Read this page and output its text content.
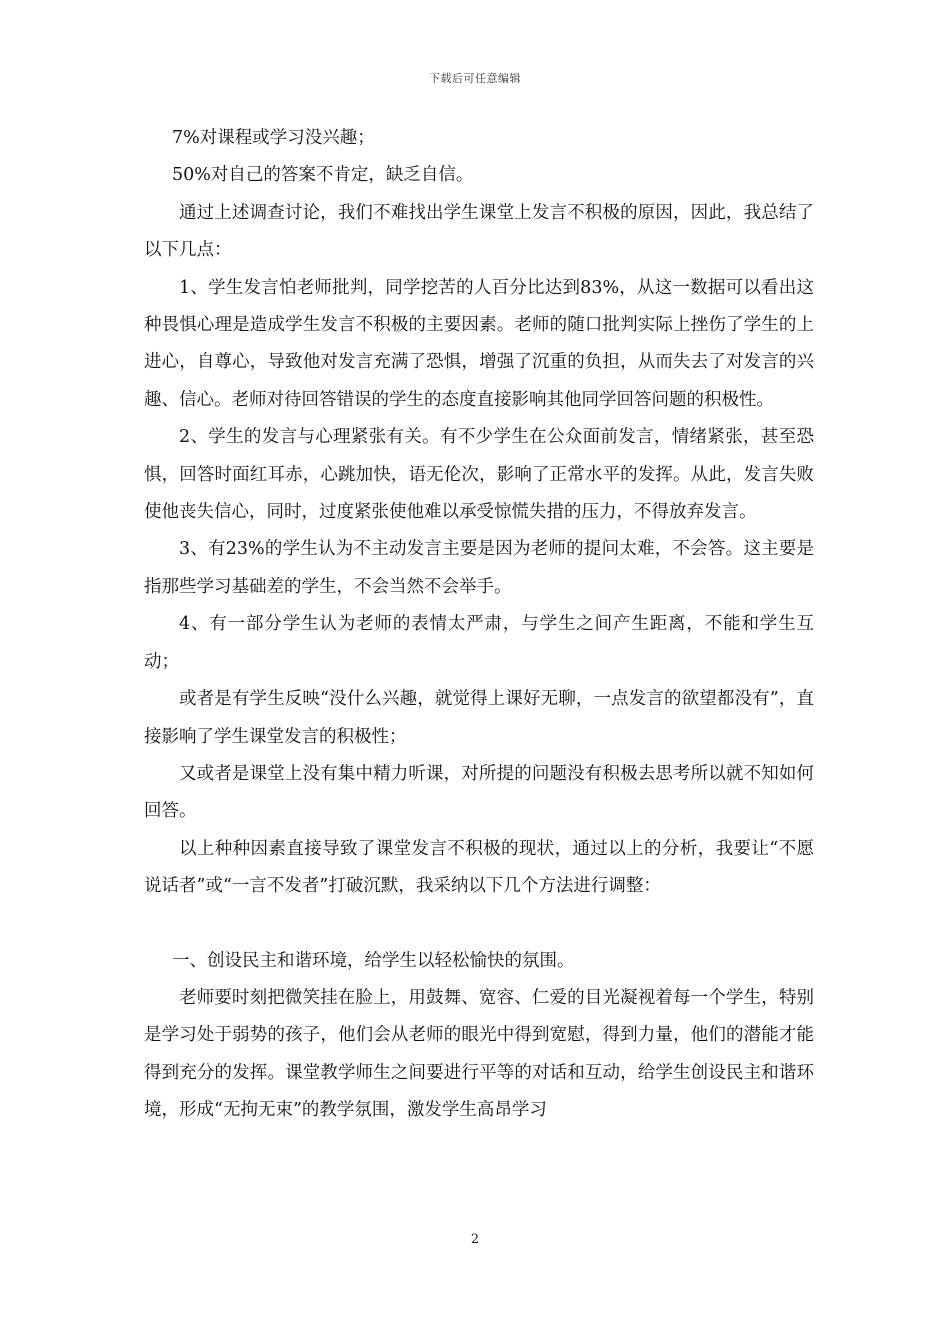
下载后可任意编辑

7%对课程或学习没兴趣；

50%对自己的答案不肯定，缺乏自信。

通过上述调查讨论，我们不难找出学生课堂上发言不积极的原因，因此，我总结了以下几点：

1、学生发言怕老师批判，同学挖苦的人百分比达到83%，从这一数据可以看出这种畏惧心理是造成学生发言不积极的主要因素。老师的随口批判实际上挫伤了学生的上进心，自尊心，导致他对发言充满了恐惧，增强了沉重的负担，从而失去了对发言的兴趣、信心。老师对待回答错误的学生的态度直接影响其他同学回答问题的积极性。

2、学生的发言与心理紧张有关。有不少学生在公众面前发言，情绪紧张，甚至恐惧，回答时面红耳赤，心跳加快，语无伦次，影响了正常水平的发挥。从此，发言失败使他丧失信心，同时，过度紧张使他难以承受惊慌失措的压力，不得放弃发言。

3、有23%的学生认为不主动发言主要是因为老师的提问太难，不会答。这主要是指那些学习基础差的学生，不会当然不会举手。

4、有一部分学生认为老师的表情太严肃，与学生之间产生距离，不能和学生互动；

或者是有学生反映“没什么兴趣，就觉得上课好无聊，一点发言的欲望都没有”，直接影响了学生课堂发言的积极性；

又或者是课堂上没有集中精力听课，对所提的问题没有积极去思考所以就不知如何回答。

以上种种因素直接导致了课堂发言不积极的现状，通过以上的分析，我要让“不愿说话者”或“一言不发者”打破沉默，我采纳以下几个方法进行调整：

一、创设民主和谐环境，给学生以轻松愉快的氛围。

老师要时刻把微笑挂在脸上，用鼓舞、宽容、仁爱的目光凝视着每一个学生，特别是学习处于弱势的孩子，他们会从老师的眼光中得到宽慰，得到力量，他们的潜能才能得到充分的发挥。课堂教学师生之间要进行平等的对话和互动，给学生创设民主和谐环境，形成“无拘无束”的教学氛围，激发学生高昂学习

2
